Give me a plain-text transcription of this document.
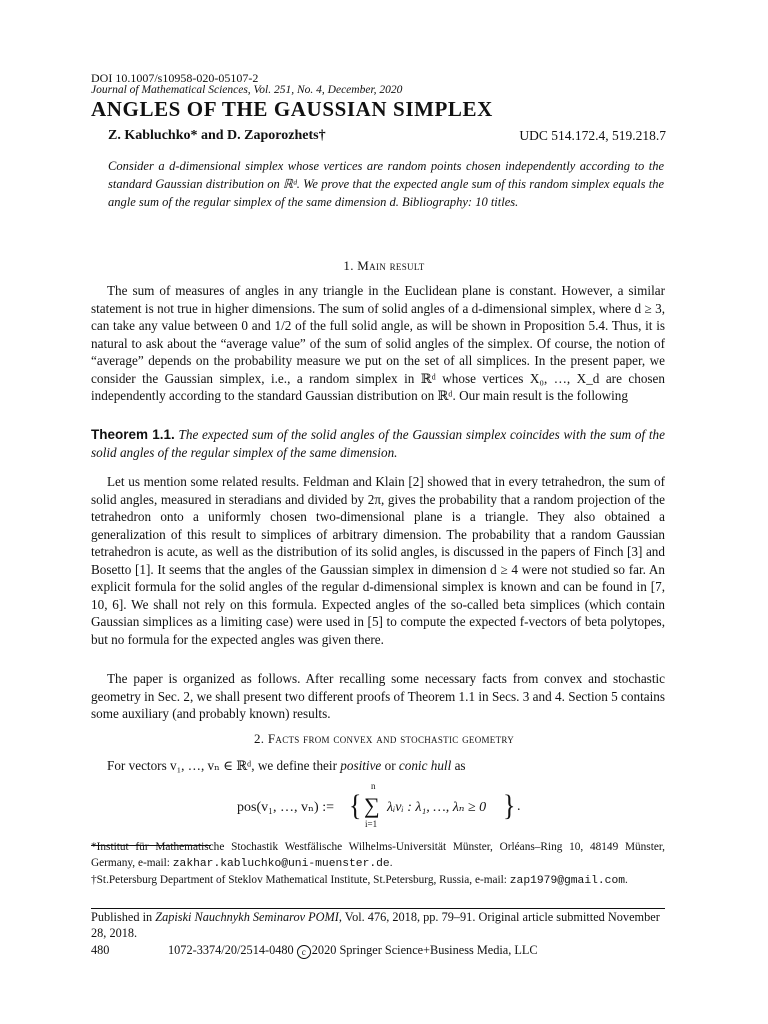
DOI 10.1007/s10958-020-05107-2
Journal of Mathematical Sciences, Vol. 251, No. 4, December, 2020
ANGLES OF THE GAUSSIAN SIMPLEX
Z. Kabluchko* and D. Zaporozhets†	UDC 514.172.4, 519.218.7
Consider a d-dimensional simplex whose vertices are random points chosen independently according to the standard Gaussian distribution on ℝᵈ. We prove that the expected angle sum of this random simplex equals the angle sum of the regular simplex of the same dimension d. Bibliography: 10 titles.
1. Main result
The sum of measures of angles in any triangle in the Euclidean plane is constant. However, a similar statement is not true in higher dimensions. The sum of solid angles of a d-dimensional simplex, where d ≥ 3, can take any value between 0 and 1/2 of the full solid angle, as will be shown in Proposition 5.4. Thus, it is natural to ask about the “average value” of the sum of solid angles of the simplex. Of course, the notion of “average” depends on the probability measure we put on the set of all simplices. In the present paper, we consider the Gaussian simplex, i.e., a random simplex in ℝᵈ whose vertices X₀, …, X_d are chosen independently according to the standard Gaussian distribution on ℝᵈ. Our main result is the following
Theorem 1.1. The expected sum of the solid angles of the Gaussian simplex coincides with the sum of the solid angles of the regular simplex of the same dimension.
Let us mention some related results. Feldman and Klain [2] showed that in every tetrahedron, the sum of solid angles, measured in steradians and divided by 2π, gives the probability that a random projection of the tetrahedron onto a uniformly chosen two-dimensional plane is a triangle. They also obtained a generalization of this result to simplices of arbitrary dimension. The probability that a random Gaussian tetrahedron is acute, as well as the distribution of its solid angles, is discussed in the papers of Finch [3] and Bosetto [1]. It seems that the angles of the Gaussian simplex in dimension d ≥ 4 were not studied so far. An explicit formula for the solid angles of the regular d-dimensional simplex is known and can be found in [7, 10, 6]. We shall not rely on this formula. Expected angles of the so-called beta simplices (which contain Gaussian simplices as a limiting case) were used in [5] to compute the expected f-vectors of beta polytopes, but no formula for the expected angles was given there.
The paper is organized as follows. After recalling some necessary facts from convex and stochastic geometry in Sec. 2, we shall present two different proofs of Theorem 1.1 in Secs. 3 and 4. Section 5 contains some auxiliary (and probably known) results.
2. Facts from convex and stochastic geometry
For vectors v₁, …, vₙ ∈ ℝᵈ, we define their positive or conic hull as
pos(v₁, …, vₙ) := {
n
∑
i=1
λᵢvᵢ : λ₁, …, λₙ ≥ 0 } .
*Institut für Mathematische Stochastik Westfälische Wilhelms-Universität Münster, Orléans–Ring 10, 48149 Münster, Germany, e-mail: zakhar.kabluchko@uni-muenster.de.
†St.Petersburg Department of Steklov Mathematical Institute, St.Petersburg, Russia, e-mail: zap1979@gmail.com.
Published in Zapiski Nauchnykh Seminarov POMI, Vol. 476, 2018, pp. 79–91. Original article submitted November 28, 2018.
480	1072-3374/20/2514-0480 c 2020 Springer Science+Business Media, LLC
